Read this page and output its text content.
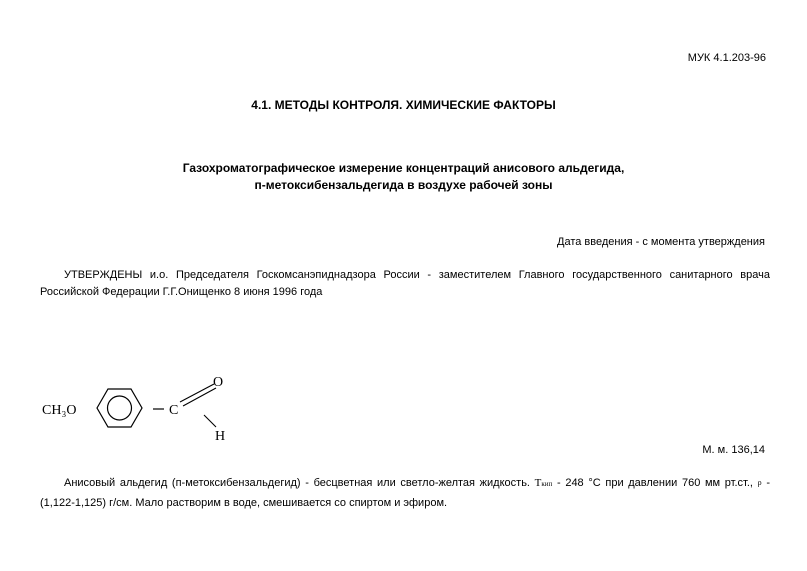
МУК 4.1.203-96
4.1. МЕТОДЫ КОНТРОЛЯ. ХИМИЧЕСКИЕ ФАКТОРЫ
Газохроматографическое измерение концентраций анисового альдегида,
п-метоксибензальдегида в воздухе рабочей зоны
Дата введения - с момента утверждения
УТВЕРЖДЕНЫ и.о. Председателя Госкомсанэпиднадзора России - заместителем Главного государственного санитарного врача Российской Федерации Г.Г.Онищенко 8 июня 1996 года
CH₃O	C
O
H
М. м. 136,14
Анисовый альдегид (п-метоксибензальдегид) - бесцветная или светло-желтая жидкость. Tкип - 248 °С при давлении 760 мм рт.ст., ρ - (1,122-1,125) г/см. Мало растворим в воде, смешивается со спиртом и эфиром.
